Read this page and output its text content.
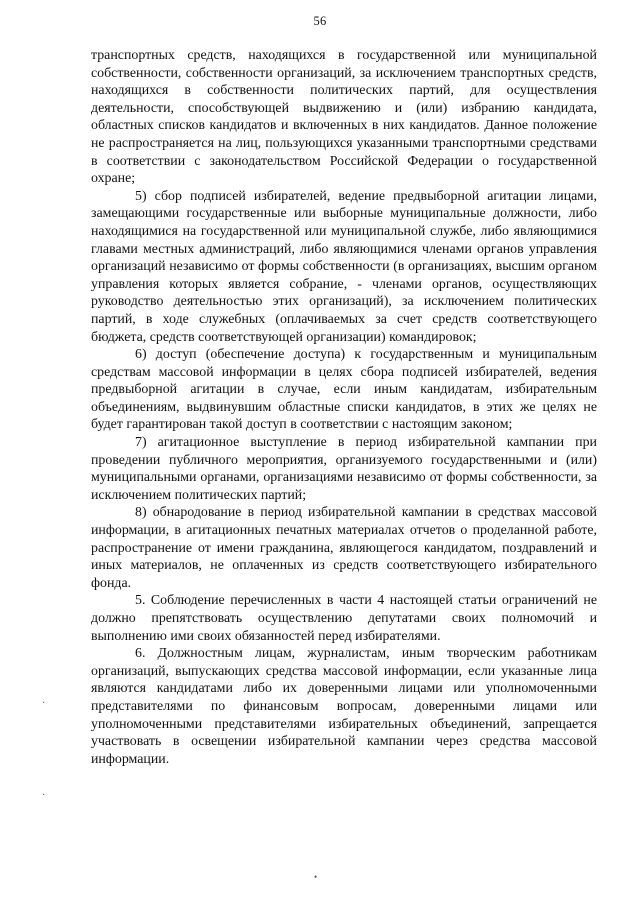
56

транспортных средств, находящихся в государственной или муниципальной собственности, собственности организаций, за исключением транспортных средств, находящихся в собственности политических партий, для осуществления деятельности, способствующей выдвижению и (или) избранию кандидата, областных списков кандидатов и включенных в них кандидатов. Данное положение не распространяется на лиц, пользующихся указанными транспортными средствами в соответствии с законодательством Российской Федерации о государственной охране;

5) сбор подписей избирателей, ведение предвыборной агитации лицами, замещающими государственные или выборные муниципальные должности, либо находящимися на государственной или муниципальной службе, либо являющимися главами местных администраций, либо являющимися членами органов управления организаций независимо от формы собственности (в организациях, высшим органом управления которых является собрание, - членами органов, осуществляющих руководство деятельностью этих организаций), за исключением политических партий, в ходе служебных (оплачиваемых за счет средств соответствующего бюджета, средств соответствующей организации) командировок;

6) доступ (обеспечение доступа) к государственным и муниципальным средствам массовой информации в целях сбора подписей избирателей, ведения предвыборной агитации в случае, если иным кандидатам, избирательным объединениям, выдвинувшим областные списки кандидатов, в этих же целях не будет гарантирован такой доступ в соответствии с настоящим законом;

7) агитационное выступление в период избирательной кампании при проведении публичного мероприятия, организуемого государственными и (или) муниципальными органами, организациями независимо от формы собственности, за исключением политических партий;

8) обнародование в период избирательной кампании в средствах массовой информации, в агитационных печатных материалах отчетов о проделанной работе, распространение от имени гражданина, являющегося кандидатом, поздравлений и иных материалов, не оплаченных из средств соответствующего избирательного фонда.

5. Соблюдение перечисленных в части 4 настоящей статьи ограничений не должно препятствовать осуществлению депутатами своих полномочий и выполнению ими своих обязанностей перед избирателями.

6. Должностным лицам, журналистам, иным творческим работникам организаций, выпускающих средства массовой информации, если указанные лица являются кандидатами либо их доверенными лицами или уполномоченными представителями по финансовым вопросам, доверенными лицами или уполномоченными представителями избирательных объединений, запрещается участвовать в освещении избирательной кампании через средства массовой информации.

·
·
•
